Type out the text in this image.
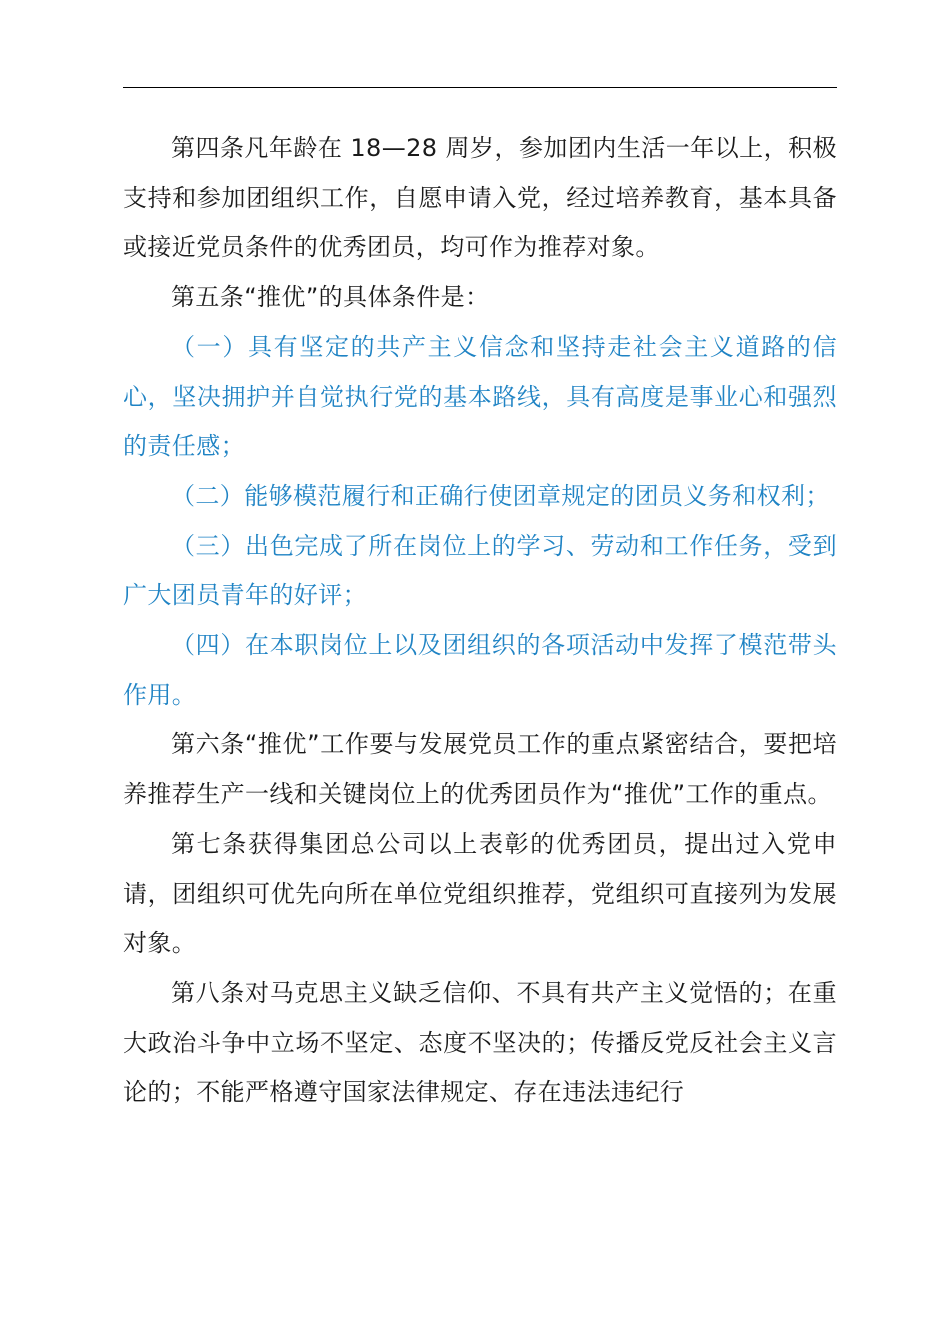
第四条凡年龄在 18—28 周岁，参加团内生活一年以上，积极支持和参加团组织工作，自愿申请入党，经过培养教育，基本具备或接近党员条件的优秀团员，均可作为推荐对象。

第五条“推优”的具体条件是：

（一）具有坚定的共产主义信念和坚持走社会主义道路的信心，坚决拥护并自觉执行党的基本路线，具有高度是事业心和强烈的责任感；

（二）能够模范履行和正确行使团章规定的团员义务和权利；

（三）出色完成了所在岗位上的学习、劳动和工作任务，受到广大团员青年的好评；

（四）在本职岗位上以及团组织的各项活动中发挥了模范带头作用。

第六条“推优”工作要与发展党员工作的重点紧密结合，要把培养推荐生产一线和关键岗位上的优秀团员作为“推优”工作的重点。

第七条获得集团总公司以上表彰的优秀团员，提出过入党申请，团组织可优先向所在单位党组织推荐，党组织可直接列为发展对象。

第八条对马克思主义缺乏信仰、不具有共产主义觉悟的；在重大政治斗争中立场不坚定、态度不坚决的；传播反党反社会主义言论的；不能严格遵守国家法律规定、存在违法违纪行
